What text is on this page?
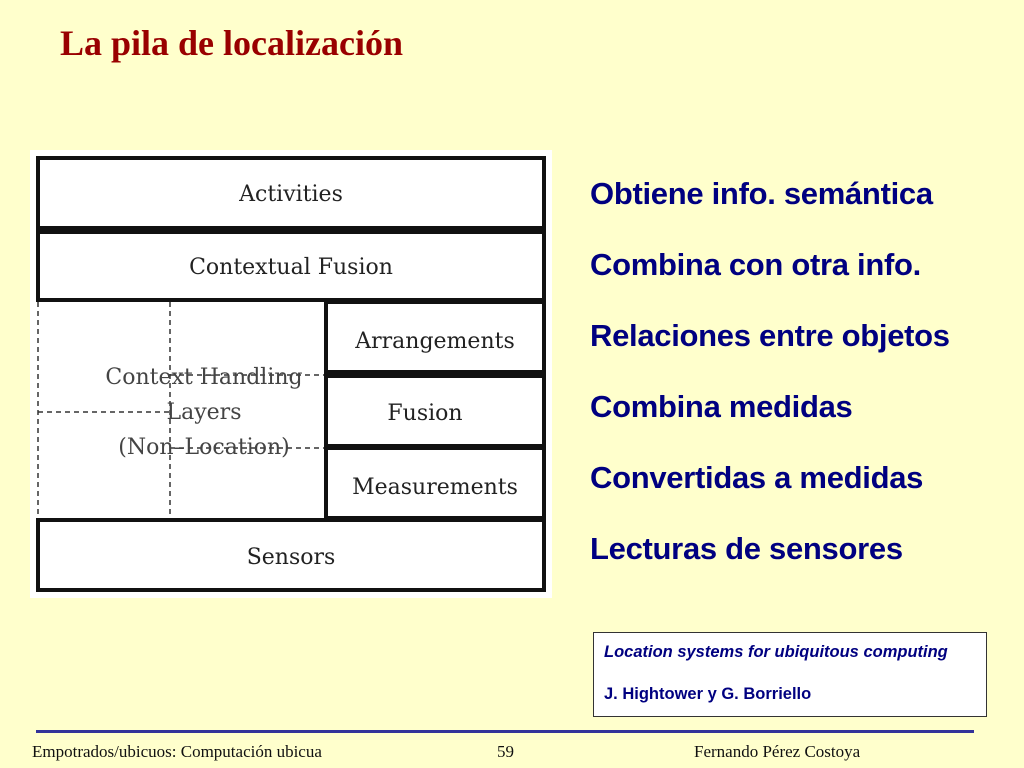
La pila de localización
Activities
Contextual Fusion
Arrangements
Fusion
Measurements
Sensors
Context Handling
Layers
(Non–Location)
Obtiene info. semántica
Combina con otra info.
Relaciones entre objetos
Combina medidas
Convertidas a medidas
Lecturas de sensores
Location systems for ubiquitous computing
J. Hightower y G. Borriello
Empotrados/ubicuos: Computación ubicua	59	Fernando Pérez Costoya
